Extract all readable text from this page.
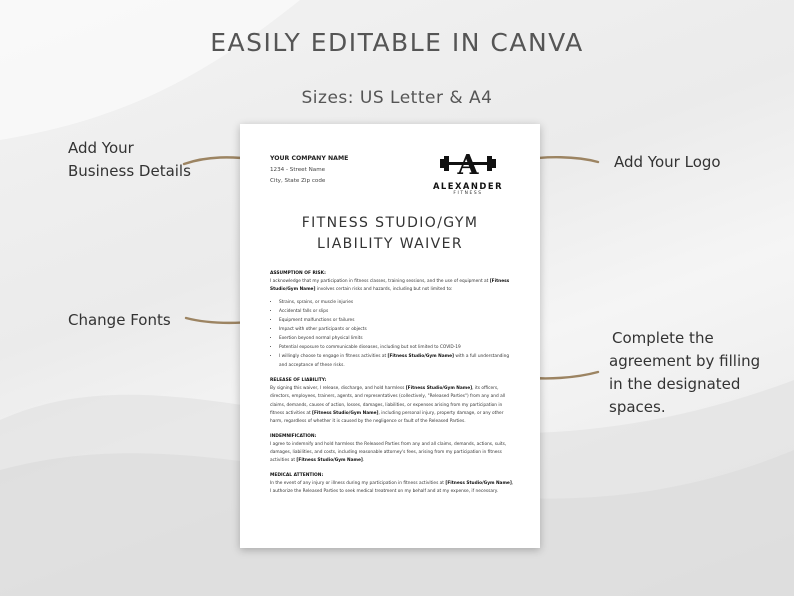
EASILY EDITABLE IN CANVA
Sizes: US Letter & A4
Add Your
Business Details
Change Fonts
Add Your Logo
Complete the
agreement by filling
in the designated
spaces.
YOUR COMPANY NAME
1234 - Street Name
City, State Zip code	A
ALEXANDER
FITNESS
FITNESS STUDIO/GYM
LIABILITY WAIVER
ASSUMPTION OF RISK:
I acknowledge that my participation in fitness classes, training sessions, and the use of equipment at [Fitness Studio/Gym Name] involves certain risks and hazards, including but not limited to:
• Strains, sprains, or muscle injuries
• Accidental falls or slips
• Equipment malfunctions or failures
• Impact with other participants or objects
• Exertion beyond normal physical limits
• Potential exposure to communicable diseases, including but not limited to COVID-19
• I willingly choose to engage in fitness activities at [Fitness Studio/Gym Name] with a full understanding and acceptance of these risks.
RELEASE OF LIABILITY:
By signing this waiver, I release, discharge, and hold harmless [Fitness Studio/Gym Name], its officers, directors, employees, trainers, agents, and representatives (collectively, "Released Parties") from any and all claims, demands, causes of action, losses, damages, liabilities, or expenses arising from my participation in fitness activities at [Fitness Studio/Gym Name], including personal injury, property damage, or any other harm, regardless of whether it is caused by the negligence or fault of the Released Parties.
INDEMNIFICATION:
I agree to indemnify and hold harmless the Released Parties from any and all claims, demands, actions, suits, damages, liabilities, and costs, including reasonable attorney's fees, arising from my participation in fitness activities at [Fitness Studio/Gym Name].
MEDICAL ATTENTION:
In the event of any injury or illness during my participation in fitness activities at [Fitness Studio/Gym Name], I authorize the Released Parties to seek medical treatment on my behalf and at my expense, if necessary.
